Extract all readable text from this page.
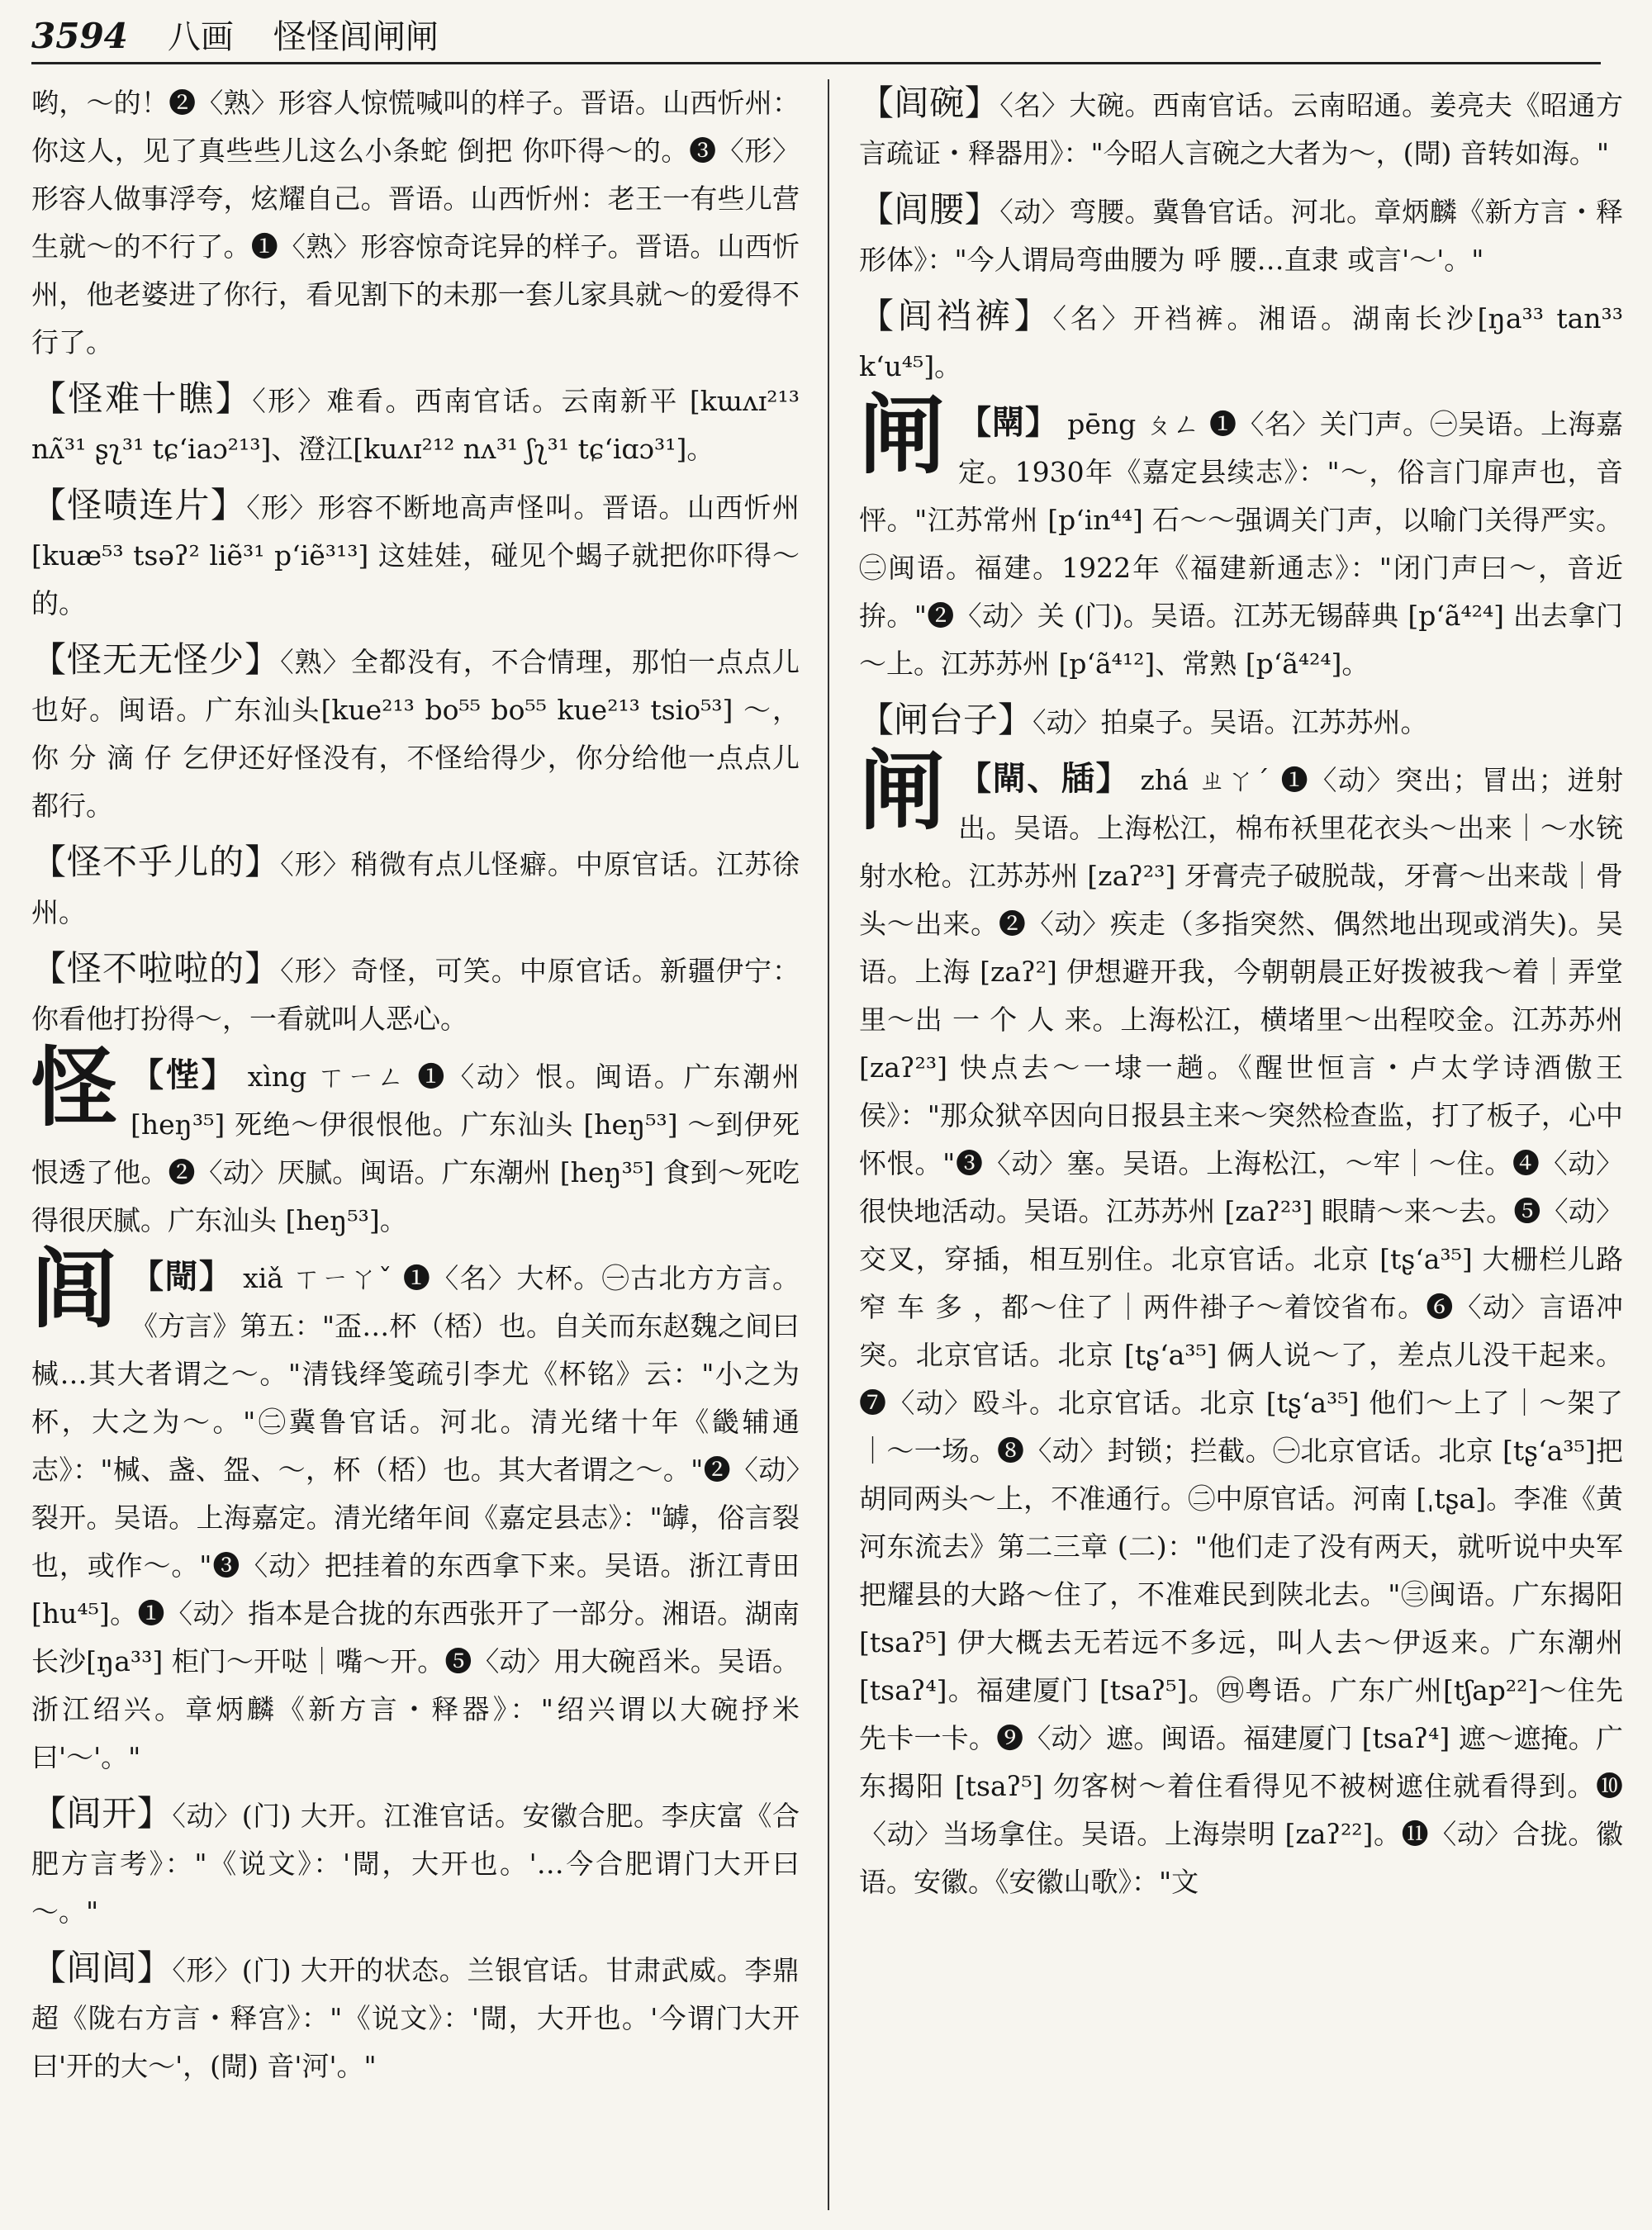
3594 八画 怪怪闾闸闸

哟，～的！❷〈熟〉形容人惊慌喊叫的样子。晋语。山西忻州：你这人，见了真些些儿这么小条蛇 倒把 你吓得～的。❸〈形〉形容人做事浮夸，炫耀自己。晋语。山西忻州：老王一有些儿营生就～的不行了。❶〈熟〉形容惊奇诧异的样子。晋语。山西忻州，他老婆进了你行，看见割下的未那一套儿家具就～的爱得不行了。

【怪难十瞧】〈形〉难看。西南官话。云南新平 [kɯʌɪ²¹³ nʌ̃³¹ ʂʅ³¹ tɕʻiaɔ²¹³]、澄江[kuʌɪ²¹² nʌ³¹ ʃʅ³¹ tɕʻiɑɔ³¹]。

【怪啧连片】〈形〉形容不断地高声怪叫。晋语。山西忻州 [kuæ⁵³ tsəʔ² liẽ³¹ pʻiẽ³¹³] 这娃娃，碰见个蝎子就把你吓得～的。

【怪无无怪少】〈熟〉全都没有，不合情理，那怕一点点儿也好。闽语。广东汕头[kue²¹³ bo⁵⁵ bo⁵⁵ kue²¹³ tsio⁵³] ～， 你 分 滴 仔 乞伊还好怪没有，不怪给得少，你分给他一点点儿都行。

【怪不乎儿的】〈形〉稍微有点儿怪癖。中原官话。江苏徐州。

【怪不啦啦的】〈形〉奇怪，可笑。中原官话。新疆伊宁：你看他打扮得～，一看就叫人恶心。

怪 【悂】 xìng ㄒㄧㄥ ❶〈动〉恨。闽语。广东潮州 [heŋ³⁵] 死绝～伊很恨他。广东汕头 [heŋ⁵³] ～到伊死恨透了他。❷〈动〉厌腻。闽语。广东潮州 [heŋ³⁵] 食到～死吃得很厌腻。广东汕头 [heŋ⁵³]。

闾 【閜】 xiǎ ㄒㄧㄚˇ ❶〈名〉大杯。㊀古北方方言。《方言》第五："盃…杯（桮）也。自关而东赵魏之间曰椷…其大者谓之～。"清钱绎笺疏引李尤《杯铭》云："小之为杯，大之为～。"㊁冀鲁官话。河北。清光绪十年《畿辅通志》："椷、盏、盌、～，杯（桮）也。其大者谓之～。"❷〈动〉裂开。吴语。上海嘉定。清光绪年间《嘉定县志》："罅，俗言裂也，或作～。"❸〈动〉把挂着的东西拿下来。吴语。浙江青田 [hu⁴⁵]。❶〈动〉指本是合拢的东西张开了一部分。湘语。湖南长沙[ŋa³³] 柜门～开哒｜嘴～开。❺〈动〉用大碗舀米。吴语。浙江绍兴。章炳麟《新方言・释器》："绍兴谓以大碗抒米曰'～'。"

【闾开】〈动〉(门) 大开。江淮官话。安徽合肥。李庆富《合肥方言考》："《说文》：'閜，大开也。'…今合肥谓门大开曰～。"

【闾闾】〈形〉(门) 大开的状态。兰银官话。甘肃武威。李鼎超《陇右方言・释宫》："《说文》：'閜，大开也。'今谓门大开曰'开的大～'，(閜) 音'河'。"

【闾碗】〈名〉大碗。西南官话。云南昭通。姜亮夫《昭通方言疏证・释器用》："今昭人言碗之大者为～，(閜) 音转如海。"

【闾腰】〈动〉弯腰。冀鲁官话。河北。章炳麟《新方言・释形体》："今人谓局弯曲腰为 呼 腰…直隶 或言'～'。"

【闾裆裤】〈名〉开裆裤。湘语。湖南长沙[ŋa³³ tan³³ kʻu⁴⁵]。

闸 【閛】 pēng ㄆㄥ ❶〈名〉关门声。㊀吴语。上海嘉定。1930年《嘉定县续志》："～，俗言门扉声也，音怦。"江苏常州 [pʻin⁴⁴] 石～～强调关门声，以喻门关得严实。㊁闽语。福建。1922年《福建新通志》："闭门声曰～，音近拚。"❷〈动〉关 (门)。吴语。江苏无锡薛典 [pʻã⁴²⁴] 出去拿门～上。江苏苏州 [pʻã⁴¹²]、常熟 [pʻã⁴²⁴]。

【闸台子】〈动〉拍桌子。吴语。江苏苏州。

闸 【閘、牐】 zhá ㄓㄚˊ ❶〈动〉突出；冒出；迸射出。吴语。上海松江，棉布袄里花衣头～出来｜～水铳射水枪。江苏苏州 [zaʔ²³] 牙膏壳子破脱哉，牙膏～出来哉｜骨头～出来。❷〈动〉疾走（多指突然、偶然地出现或消失)。吴语。上海 [zaʔ²] 伊想避开我，今朝朝晨正好拨被我～着｜弄堂里～出 一 个 人 来。上海松江，横堵里～出程咬金。江苏苏州 [zaʔ²³] 快点去～一埭一趟。《醒世恒言・卢太学诗酒傲王侯》："那众狱卒因向日报县主来～突然检查监，打了板子，心中怀恨。"❸〈动〉塞。吴语。上海松江，～牢｜～住。❹〈动〉很快地活动。吴语。江苏苏州 [zaʔ²³] 眼睛～来～去。❺〈动〉交叉，穿插，相互别住。北京官话。北京 [tʂʻa³⁵] 大栅栏儿路窄 车 多 ，都～住了｜两件褂子～着饺省布。❻〈动〉言语冲突。北京官话。北京 [tʂʻa³⁵] 俩人说～了，差点儿没干起来。❼〈动〉殴斗。北京官话。北京 [tʂʻa³⁵] 他们～上了｜～架了｜～一场。❽〈动〉封锁；拦截。㊀北京官话。北京 [tʂʻa³⁵]把胡同两头～上，不准通行。㊁中原官话。河南 [ˌtʂa]。李准《黄河东流去》第二三章 (二)："他们走了没有两天，就听说中央军把耀县的大路～住了，不准难民到陕北去。"㊂闽语。广东揭阳 [tsaʔ⁵] 伊大概去无若远不多远，叫人去～伊返来。广东潮州 [tsaʔ⁴]。福建厦门 [tsaʔ⁵]。㊃粤语。广东广州[tʃap²²]～住先先卡一卡。❾〈动〉遮。闽语。福建厦门 [tsaʔ⁴] 遮～遮掩。广东揭阳 [tsaʔ⁵] 勿客树～着住看得见不被树遮住就看得到。❿〈动〉当场拿住。吴语。上海崇明 [zaʔ²²]。⓫〈动〉合拢。徽语。安徽。《安徽山歌》："文
